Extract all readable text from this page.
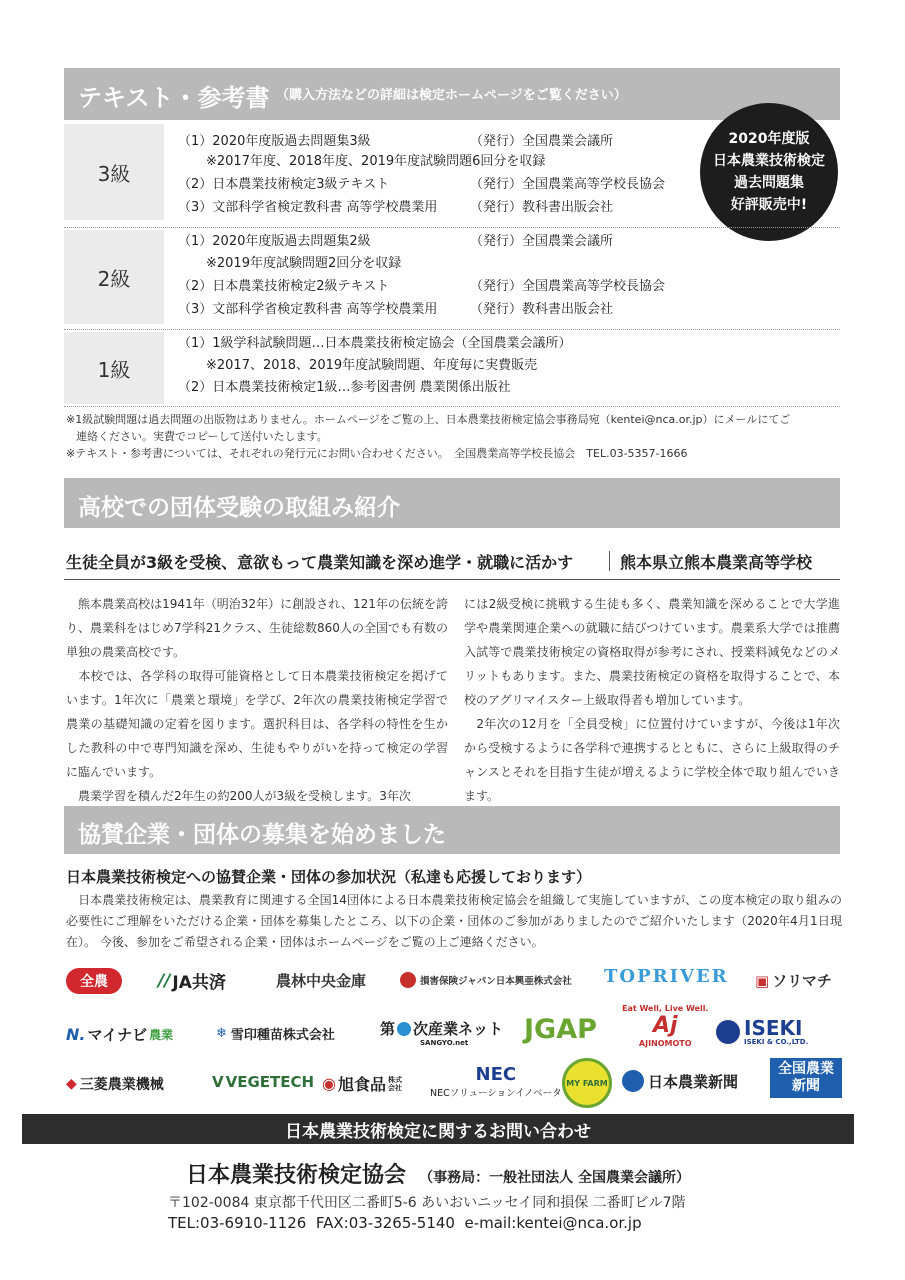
テキスト・参考書 （購入方法などの詳細は検定ホームページをご覧ください）
2020年度版
日本農業技術検定
過去問題集
好評販売中!
3級
（1）2020年度版過去問題集3級	（発行）全国農業会議所
※2017年度、2018年度、2019年度試験問題6回分を収録
（2）日本農業技術検定3級テキスト	（発行）全国農業高等学校長協会
（3）文部科学省検定教科書 高等学校農業用	（発行）教科書出版会社
2級
（1）2020年度版過去問題集2級	（発行）全国農業会議所
※2019年度試験問題2回分を収録
（2）日本農業技術検定2級テキスト	（発行）全国農業高等学校長協会
（3）文部科学省検定教科書 高等学校農業用	（発行）教科書出版会社
1級
（1）1級学科試験問題…日本農業技術検定協会（全国農業会議所）
※2017、2018、2019年度試験問題、年度毎に実費販売
（2）日本農業技術検定1級…参考図書例 農業関係出版社
※1級試験問題は過去問題の出版物はありません。ホームページをご覧の上、日本農業技術検定協会事務局宛（kentei@nca.or.jp）にメールにてご
連絡ください。実費でコピーして送付いたします。
※テキスト・参考書については、それぞれの発行元にお問い合わせください。　全国農業高等学校長協会　TEL.03-5357-1666
高校での団体受験の取組み紹介
生徒全員が3級を受検、意欲もって農業知識を深め進学・就職に活かす	熊本県立熊本農業高等学校
　熊本農業高校は1941年（明治32年）に創設され、121年の伝統を誇り、農業科をはじめ7学科21クラス、生徒総数860人の全国でも有数の単独の農業高校です。
　本校では、各学科の取得可能資格として日本農業技術検定を掲げています。1年次に「農業と環境」を学び、2年次の農業技術検定学習で農業の基礎知識の定着を図ります。選択科目は、各学科の特性を生かした教科の中で専門知識を深め、生徒もやりがいを持って検定の学習に臨んでいます。
　農業学習を積んだ2年生の約200人が3級を受検します。3年次
には2級受検に挑戦する生徒も多く、農業知識を深めることで大学進学や農業関連企業への就職に結びつけています。農業系大学では推薦入試等で農業技術検定の資格取得が参考にされ、授業料減免などのメリットもあります。また、農業技術検定の資格を取得することで、本校のアグリマイスター上級取得者も増加しています。
　2年次の12月を「全員受検」に位置付けていますが、今後は1年次から受検するように各学科で連携するとともに、さらに上級取得のチャンスとそれを目指す生徒が増えるように学校全体で取り組んでいきます。
協賛企業・団体の募集を始めました
日本農業技術検定への協賛企業・団体の参加状況（私達も応援しております）
　日本農業技術検定は、農業教育に関連する全国14団体による日本農業技術検定協会を組織して実施していますが、この度本検定の取り組みの必要性にご理解をいただける企業・団体を募集したところ、以下の企業・団体のご参加がありましたのでご紹介いたします（2020年4月1日現在）。 今後、参加をご希望される企業・団体はホームページをご覧の上ご連絡ください。
全農	∕∕ JA共済	農林中央金庫	損害保険ジャパン日本興亜株式会社 TOPRIVER ▣ ソリマチ
N. マイナビ 農業	❄ 雪印種苗株式会社	第 次産業ネット
SANGYO.net JGAP
Eat Well, Live Well.
Aj
AJINOMOTO
ISEKI
ISEKI & CO.,LTD.
◆ 三菱農業機械	V VEGETECH ◉ 旭食品 株式会社
NEC
NECソリューションイノベータ
MY FARM	日本農業新聞
全国農業
新聞
日本農業技術検定に関するお問い合わせ
日本農業技術検定協会 （事務局：一般社団法人 全国農業会議所）
〒102-0084 東京都千代田区二番町5-6 あいおいニッセイ同和損保 二番町ビル7階
TEL:03-6910-1126  FAX:03-3265-5140  e-mail:kentei@nca.or.jp
